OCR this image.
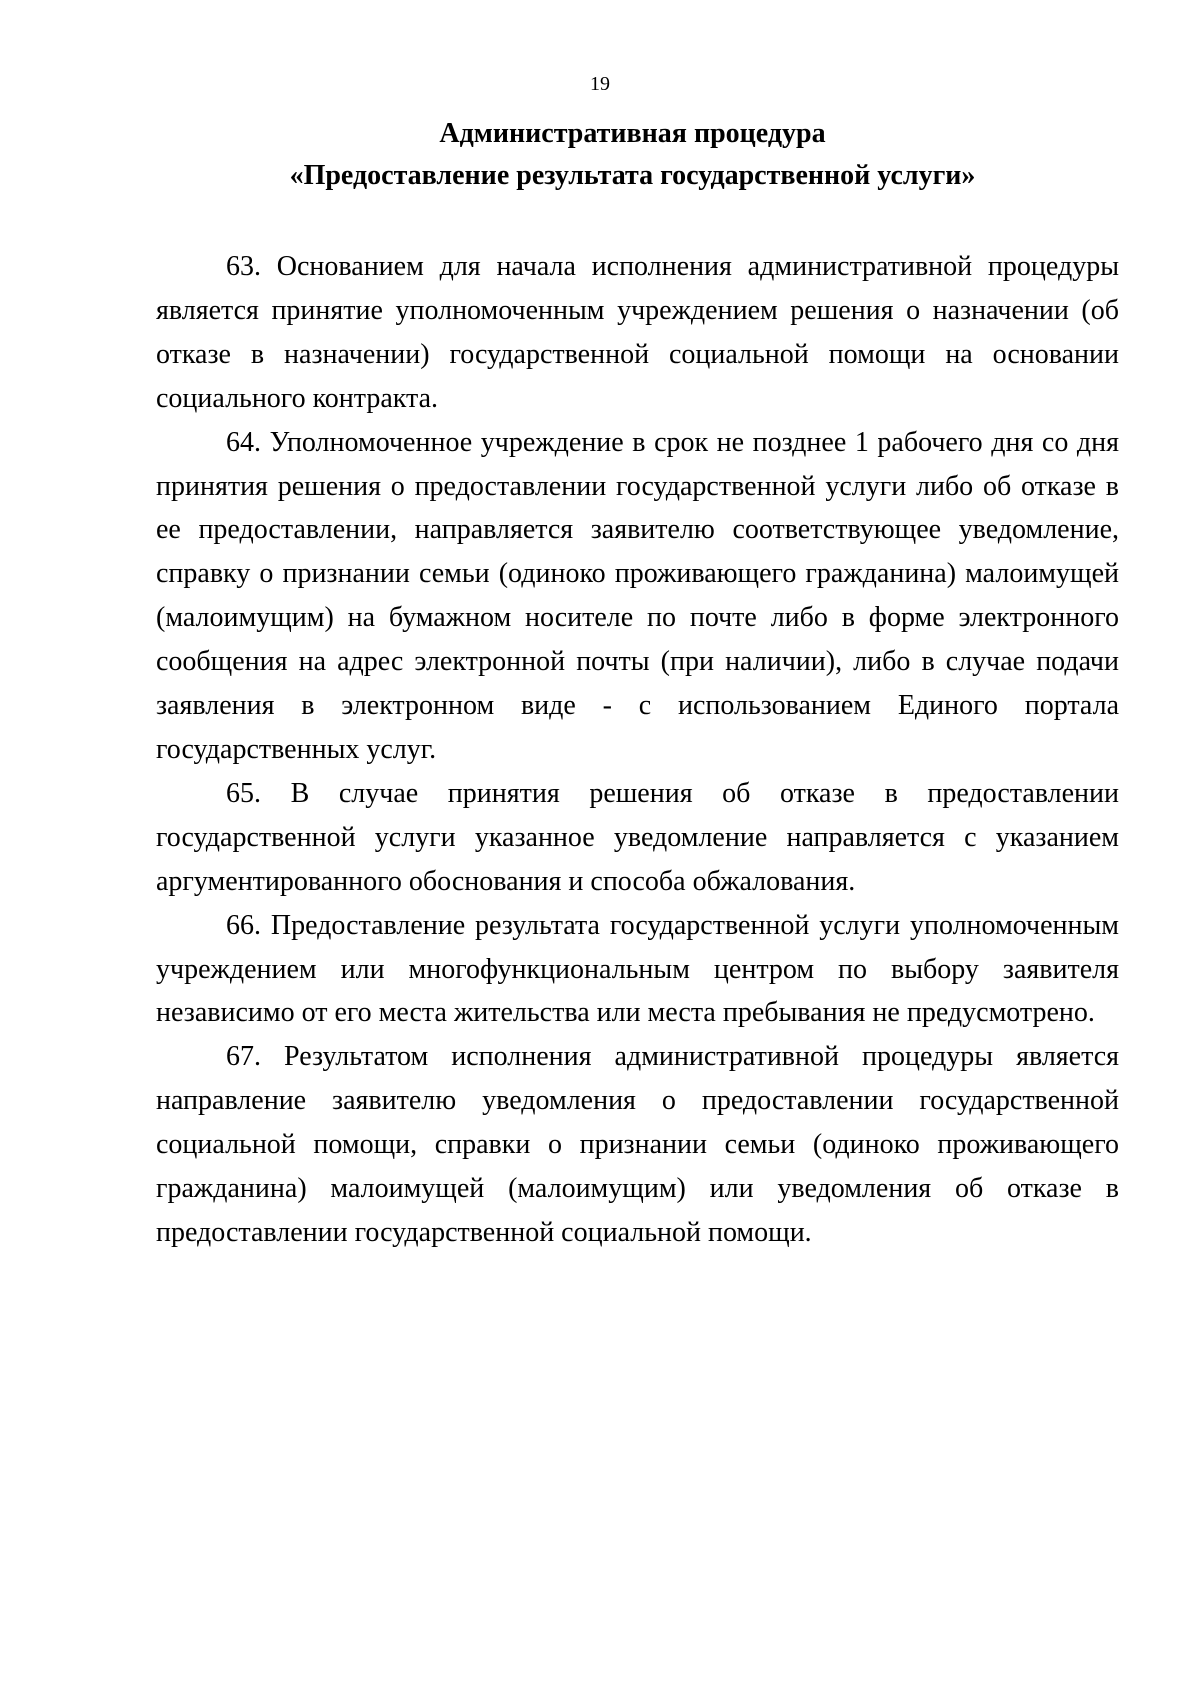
19
Административная процедура
«Предоставление результата государственной услуги»

63. Основанием для начала исполнения административной процедуры является принятие уполномоченным учреждением решения о назначении (об отказе в назначении) государственной социальной помощи на основании социального контракта.

64. Уполномоченное учреждение в срок не позднее 1 рабочего дня со дня принятия решения о предоставлении государственной услуги либо об отказе в ее предоставлении, направляется заявителю соответствующее уведомление, справку о признании семьи (одиноко проживающего гражданина) малоимущей (малоимущим) на бумажном носителе по почте либо в форме электронного сообщения на адрес электронной почты (при наличии), либо в случае подачи заявления в электронном виде - с использованием Единого портала государственных услуг.

65. В случае принятия решения об отказе в предоставлении государственной услуги указанное уведомление направляется с указанием аргументированного обоснования и способа обжалования.

66. Предоставление результата государственной услуги уполномоченным учреждением или многофункциональным центром по выбору заявителя независимо от его места жительства или места пребывания не предусмотрено.

67. Результатом исполнения административной процедуры является направление заявителю уведомления о предоставлении государственной социальной помощи, справки о признании семьи (одиноко проживающего гражданина) малоимущей (малоимущим) или уведомления об отказе в предоставлении государственной социальной помощи.
